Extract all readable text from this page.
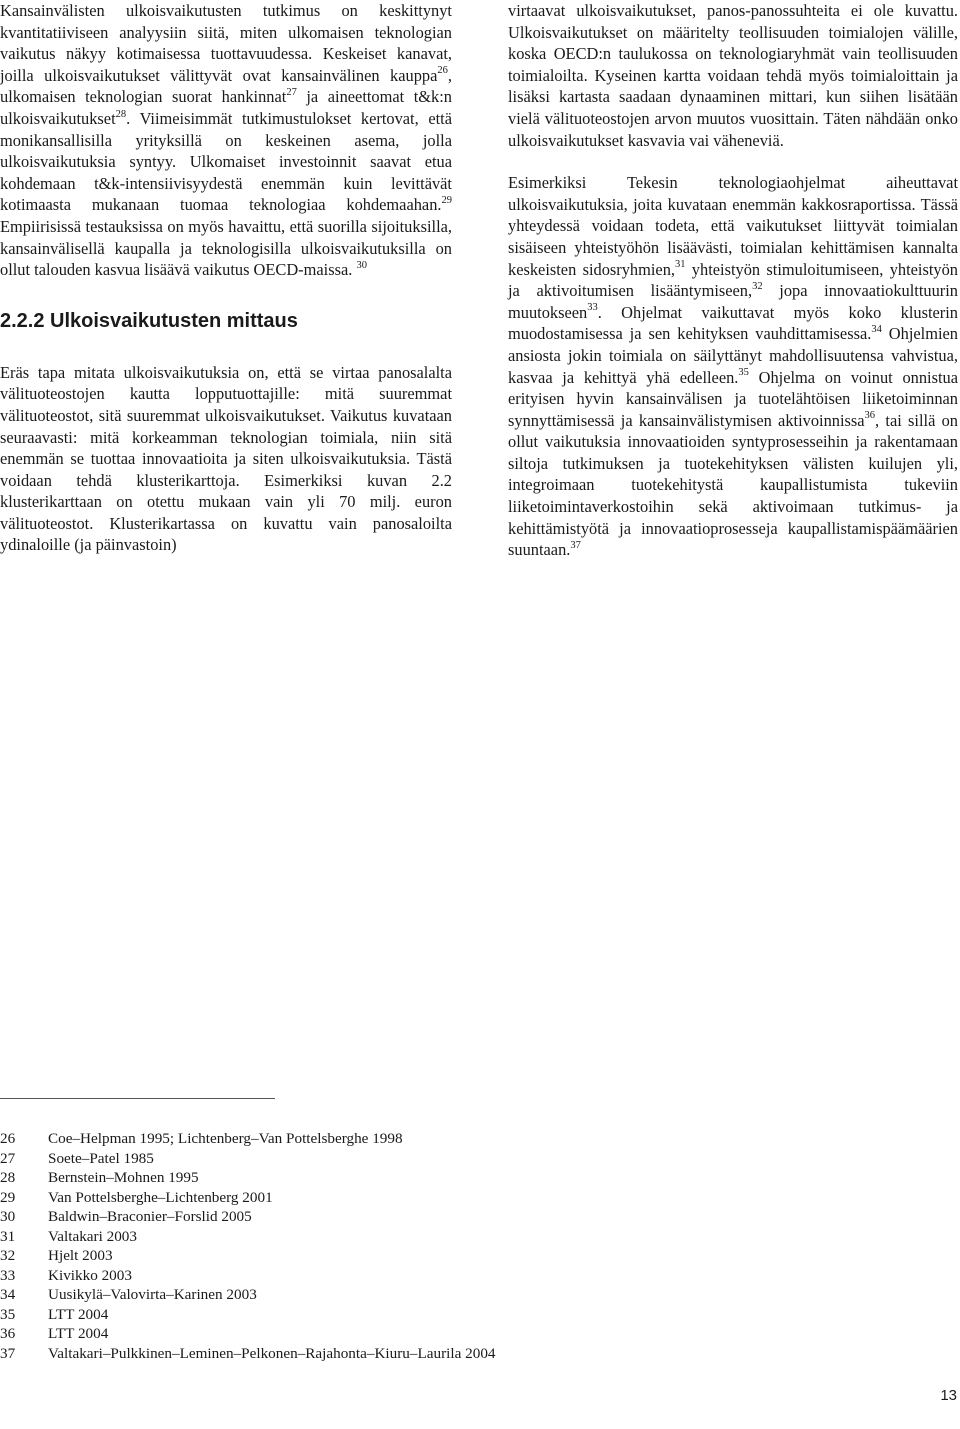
Kansainvälisten ulkoisvaikutusten tutkimus on keskittynyt kvantitatiiviseen analyysiin siitä, miten ulkomaisen teknologian vaikutus näkyy kotimaisessa tuottavuudessa. Keskeiset kanavat, joilla ulkoisvaikutukset välittyvät ovat kansainvälinen kauppa$^{26}$, ulkomaisen teknologian suorat hankinnat$^{27}$ ja aineettomat t&k:n ulkoisvaikutukset$^{28}$. Viimeisimmät tutkimustulokset kertovat, että monikansallisilla yrityksillä on keskeinen asema, jolla ulkoisvaikutuksia syntyy. Ulkomaiset investoinnit saavat etua kohdemaan t&k-intensiivisyydestä enemmän kuin levittävät kotimaasta mukanaan tuomaa teknologiaa kohdemaahan.$^{29}$ Empiirisissä testauksissa on myös havaittu, että suorilla sijoituksilla, kansainvälisellä kaupalla ja teknologisilla ulkoisvaikutuksilla on ollut talouden kasvua lisäävä vaikutus OECD-maissa. $^{30}$

2.2.2 Ulkoisvaikutusten mittaus

Eräs tapa mitata ulkoisvaikutuksia on, että se virtaa panosalalta välituoteostojen kautta lopputuottajille: mitä suuremmat välituoteostot, sitä suuremmat ulkoisvaikutukset. Vaikutus kuvataan seuraavasti: mitä korkeamman teknologian toimiala, niin sitä enemmän se tuottaa innovaatioita ja siten ulkoisvaikutuksia. Tästä voidaan tehdä klusterikarttoja. Esimerkiksi kuvan 2.2 klusterikarttaan on otettu mukaan vain yli 70 milj. euron välituoteostot. Klusterikartassa on kuvattu vain panosaloilta ydinaloille (ja päinvastoin)

virtaavat ulkoisvaikutukset, panos-panossuhteita ei ole kuvattu. Ulkoisvaikutukset on määritelty teollisuuden toimialojen välille, koska OECD:n taulukossa on teknologiaryhmät vain teollisuuden toimialoilta. Kyseinen kartta voidaan tehdä myös toimialoittain ja lisäksi kartasta saadaan dynaaminen mittari, kun siihen lisätään vielä välituoteostojen arvon muutos vuosittain. Täten nähdään onko ulkoisvaikutukset kasvavia vai väheneviä.

Esimerkiksi Tekesin teknologiaohjelmat aiheuttavat ulkoisvaikutuksia, joita kuvataan enemmän kakkosraportissa. Tässä yhteydessä voidaan todeta, että vaikutukset liittyvät toimialan sisäiseen yhteistyöhön lisäävästi, toimialan kehittämisen kannalta keskeisten sidosryhmien,$^{31}$ yhteistyön stimuloitumiseen, yhteistyön ja aktivoitumisen lisääntymiseen,$^{32}$ jopa innovaatiokulttuurin muutokseen$^{33}$. Ohjelmat vaikuttavat myös koko klusterin muodostamisessa ja sen kehityksen vauhdittamisessa.$^{34}$ Ohjelmien ansiosta jokin toimiala on säilyttänyt mahdollisuutensa vahvistua, kasvaa ja kehittyä yhä edelleen.$^{35}$ Ohjelma on voinut onnistua erityisen hyvin kansainvälisen ja tuotelähtöisen liiketoiminnan synnyttämisessä ja kansainvälistymisen aktivoinnissa$^{36}$, tai sillä on ollut vaikutuksia innovaatioiden syntyprosesseihin ja rakentamaan siltoja tutkimuksen ja tuotekehityksen välisten kuilujen yli, integroimaan tuotekehitystä kaupallistumista tukeviin liiketoimintaverkostoihin sekä aktivoimaan tutkimus- ja kehittämistyötä ja innovaatioprosesseja kaupallistamispäämäärien suuntaan.$^{37}$

26	Coe–Helpman 1995; Lichtenberg–Van Pottelsberghe 1998
27	Soete–Patel 1985
28	Bernstein–Mohnen 1995
29	Van Pottelsberghe–Lichtenberg 2001
30	Baldwin–Braconier–Forslid 2005
31	Valtakari 2003
32	Hjelt 2003
33	Kivikko 2003
34	Uusikylä–Valovirta–Karinen 2003
35	LTT 2004
36	LTT 2004
37	Valtakari–Pulkkinen–Leminen–Pelkonen–Rajahonta–Kiuru–Laurila 2004
13
